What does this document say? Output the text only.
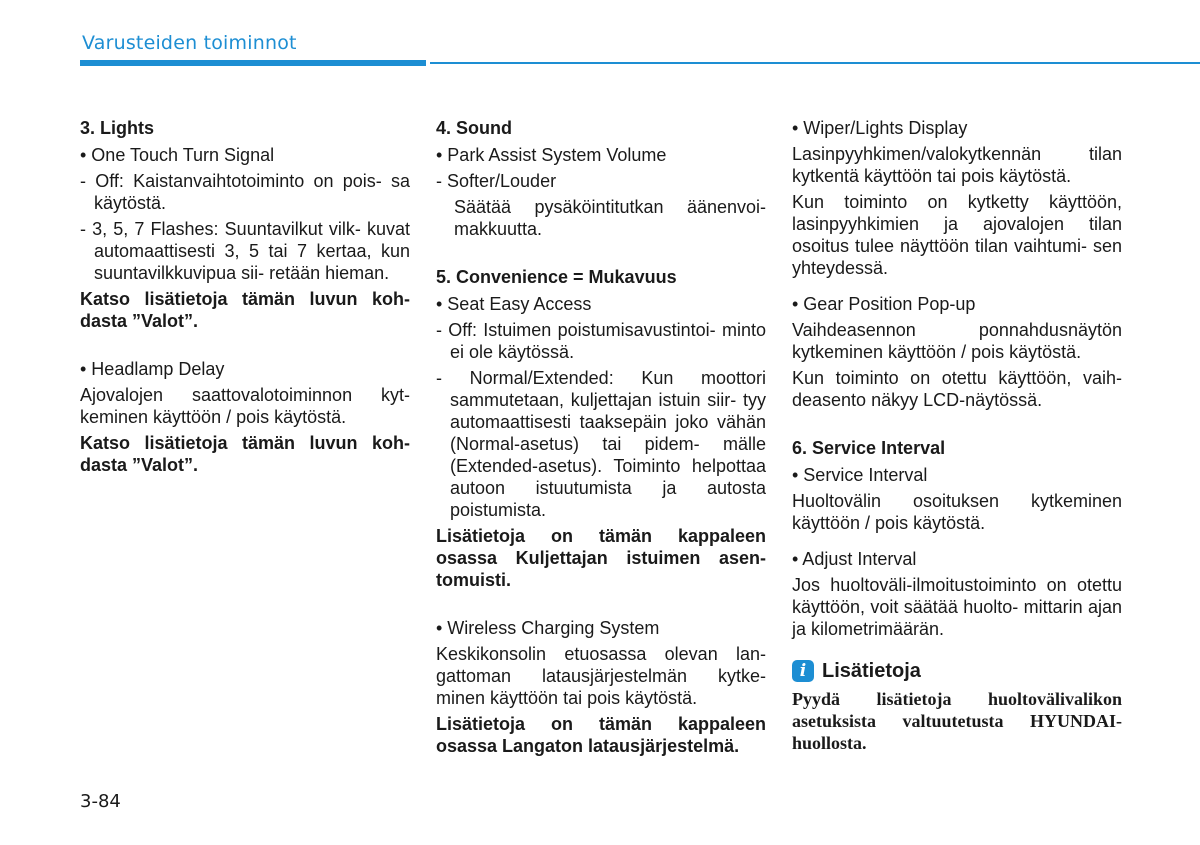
Varusteiden toiminnot

3. Lights

• One Touch Turn Signal

- Off: Kaistanvaihtotoiminto on pois- sa käytöstä.

- 3, 5, 7 Flashes: Suuntavilkut vilk- kuvat automaattisesti 3, 5 tai 7 kertaa, kun suuntavilkkuvipua sii- retään hieman.

Katso lisätietoja tämän luvun koh- dasta ”Valot”.

• Headlamp Delay

Ajovalojen saattovalotoiminnon kyt- keminen käyttöön / pois käytöstä.

Katso lisätietoja tämän luvun koh- dasta ”Valot”.

4. Sound

• Park Assist System Volume

- Softer/Louder

Säätää pysäköintitutkan äänenvoi- makkuutta.

5. Convenience = Mukavuus

• Seat Easy Access

- Off: Istuimen poistumisavustintoi- minto ei ole käytössä.

- Normal/Extended: Kun moottori sammutetaan, kuljettajan istuin siir- tyy automaattisesti taaksepäin joko vähän (Normal-asetus) tai pidem- mälle (Extended-asetus). Toiminto helpottaa autoon istuutumista ja autosta poistumista.

Lisätietoja on tämän kappaleen osassa Kuljettajan istuimen asen- tomuisti.

• Wireless Charging System

Keskikonsolin etuosassa olevan lan- gattoman latausjärjestelmän kytke- minen käyttöön tai pois käytöstä.

Lisätietoja on tämän kappaleen osassa Langaton latausjärjestelmä.

• Wiper/Lights Display

Lasinpyyhkimen/valokytkennän tilan kytkentä käyttöön tai pois käytöstä.

Kun toiminto on kytketty käyttöön, lasinpyyhkimien ja ajovalojen tilan osoitus tulee näyttöön tilan vaihtumi- sen yhteydessä.

• Gear Position Pop-up

Vaihdeasennon ponnahdusnäytön kytkeminen käyttöön / pois käytöstä.

Kun toiminto on otettu käyttöön, vaih- deasento näkyy LCD-näytössä.

6. Service Interval

• Service Interval

Huoltovälin osoituksen kytkeminen käyttöön / pois käytöstä.

• Adjust Interval

Jos huoltoväli-ilmoitustoiminto on otettu käyttöön, voit säätää huolto- mittarin ajan ja kilometrimäärän.

i Lisätietoja

Pyydä lisätietoja huoltovälivalikon asetuksista valtuutetusta HYUNDAI- huollosta.

3-84
